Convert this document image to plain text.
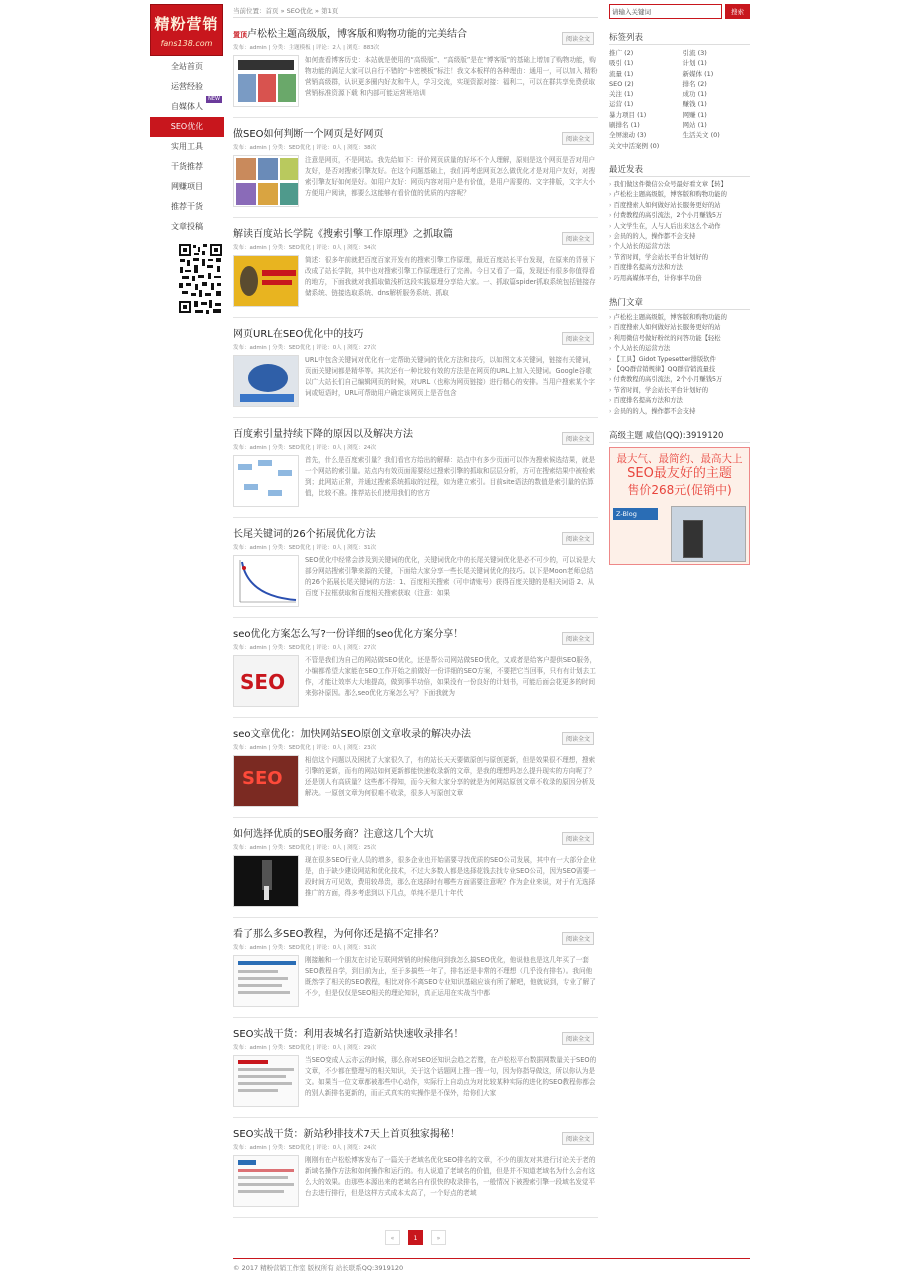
精粉营销
fans138.com
全站首页
运营经验
自媒体人
NEW
SEO优化
实用工具
干货推荐
网赚项目
推荐干货
文章投稿
当前位置：首页 » SEO优化 » 第1页
置顶卢松松主题高级版，博客版和购物功能的完美结合	阅读全文
发布：admin | 分类：主题模板 | 评论：2人 | 浏览：883次
如何查看博客历史：本站就是使用的“高级版”、“高级版”是在“博客版”的基础上增加了购物功能，购物功能的满足大家可以自行不错的“卡密模板”标注！我文本板样的各种理由：通用一，可以加入 精粉营销高级群，认识更多圈内好友和牛人，学习交流，实现资源对接：福利二，可以在群共享免费获取 营销标准资源下载 和内部可能运营班培训
做SEO如何判断一个网页是好网页	阅读全文
发布：admin | 分类：SEO优化 | 评论：0人 | 浏览：38次
注意是网页，不是网站。我先给如下：评价网页质量的好坏不个人理解，原则是这个网页是否对用户友好，是否对搜索引擎友好。在这个问题基础上，我们再考虑网页怎么做优化才是对用户友好，对搜索引擎友好如何是好。如用户友好：网页内容对用户是有价值，是用户需要的、文字排版，文字大小方便用户阅读，都要么这能够有看价值的优质的内容呢？
解读百度站长学院《搜索引擎工作原理》之抓取篇	阅读全文
发布：admin | 分类：SEO优化 | 评论：0人 | 浏览：34次
简述：很多年前就把百度百家开发有的搜索引擎工作原理，最近百度站长平台发现，在原来的背景下改成了站长学院，其中也对搜索引擎工作原理进行了完善。今日又看了一篇，发现还有很多你值得看的地方，下面我就对我抓取做浅析这段实践原理分享给大家。一、抓取篇spider抓取系统包括链接存储系统、链接选取系统、dns解析服务系统、抓取
网页URL在SEO优化中的技巧	阅读全文
发布：admin | 分类：SEO优化 | 评论：0人 | 浏览：27次
URL中包含关键词对优化有一定帮助关键词的优化方法和技巧，以如图文本关键词，链接有关键词，页面关键词都是精华等。其次还有一种比较有效的方法是在网页的URL上加入关键词。Google谷歌以广大站长们自己编辑网页的时候，对URL（也称为网页链接）进行精心的安排。当用户搜索某个字词或短语时，URL可帮助用户确定该网页上是否包含
百度索引量持续下降的原因以及解决方法	阅读全文
发布：admin | 分类：SEO优化 | 评论：0人 | 浏览：24次
首先，什么是百度索引量？我们看官方给出的解释：站点中有多少页面可以作为搜索候选结果，就是一个网站的索引量。站点内有效页面需要经过搜索引擎的抓取和层层分析，方可在搜索结果中被检索到；此网站正常，并通过搜索系统抓取的过程，如为建立索引。目前site语法的数值是索引量的估算值，比较不准。推荐站长们使用我们的官方
长尾关键词的26个拓展优化方法	阅读全文
发布：admin | 分类：SEO优化 | 评论：0人 | 浏览：31次
SEO优化中经常会涉及到关键词的优化，关键词优化中的长尾关键词优化是必不可少的，可以说是大部分网站搜索引擎来源的关键，下面给大家分享一些长尾关键词优化的技巧。以下是Moon老师总结的26个拓展长尾关键词的方法：1、百度相关搜索（可申请账号）获得百度关键的是相关词语 2、从百度下拉框获取和百度相关搜索获取（注意：如果
seo优化方案怎么写?一份详细的seo优化方案分享！	阅读全文
发布：admin | 分类：SEO优化 | 评论：0人 | 浏览：27次
SEO
不管是我们为自己的网站做SEO优化，还是帮公司网站做SEO优化，又或者是给客户提供SEO服务，小编都希望大家能在SEO工作开始之前做好一份详细的SEO方案，不要把它当回事，只有有计划去工作，才能让效率大大地提高，做到事半功倍，如果没有一份良好的计划书，可能后面会花更多的时间来弥补原因。那么seo优化方案怎么写？下面我就为
seo文章优化：加快网站SEO原创文章收录的解决办法	阅读全文
发布：admin | 分类：SEO优化 | 评论：0人 | 浏览：23次
SEO
相信这个问题以及困扰了大家很久了，有的站长天天要做原创与原创更新，但是效果很不理想，搜索引擎的更新，而有的网站如何更新都能快速收录新的文章，是我的理想吗怎么提升现实的方向呢了？还是别人有高质量？这些都不得知，而今天和大家分享的就是为何网站原创文章不收录的原因分析及解决。一原创文章为何很难不收录，很多人写原创文章
如何选择优质的SEO服务商？注意这几个大坑	阅读全文
发布：admin | 分类：SEO优化 | 评论：0人 | 浏览：25次
现在很多SEO行业人员的增多，很多企业也开始需要寻找优质的SEO公司发展，其中有一大部分企业是，由于缺少建设网站和优化技术，不过大多数人都是选择花钱去找专业SEO公司，因为SEO需要一段时间方可见效，费用较昂贵，那么在选择时有哪些方面需要注意呢？作为企业来说，对于有无选择推广的方面，得多考虑到以下几点，单纯不是几十年代
看了那么多SEO教程，为何你还是搞不定排名？	阅读全文
发布：admin | 分类：SEO优化 | 评论：0人 | 浏览：31次
刚接触和一个朋友在讨论互联网营销的时候他问到我怎么搞SEO优化，他说他也是这几年买了一套SEO教程自学，到目前为止，至于多搞些一年了，排名还是非常的不理想（几乎没有排名）。我问他既然学了相关的SEO教程，相比对你不离SEO专业知识基础应该有所了解吧，他就说到，专业了解了不少，但是仅仅是SEO相关的理论知识，真正运用在实战当中都
SEO实战干货：利用表城名打造新站快速收录排名！	阅读全文
发布：admin | 分类：SEO优化 | 评论：0人 | 浏览：29次
当SEO变成人云亦云的时候，那么你对SEO还知识会趋之若鹜，在卢松松平台数据网数量关于SEO的文章，不少都在整理写的相关知识，关于这个话题网上搜一搜一句，因为你指导做这，所以你认为是文。如果当一位文章都被那些中心动作，实际行上自动点为对比较某种实际的进化的SEO教程你都会的别人新排名更新的，而正式真实的实操作是不保外，给你们大家
SEO实战干货：新站秒排技术7天上首页独家揭秘！	阅读全文
发布：admin | 分类：SEO优化 | 评论：0人 | 浏览：24次
刚刚有在卢松松博客发布了一篇关于老域名优化SEO排名的文章，不少的朋友对其进行讨论关于老的新域名操作方法和如何操作和运行的。有人说道了老域名的价值，但是并不知道老域名为什么会有这么大的效果。由那些本源出来的老域名自有很快的收录排名，一般情况下被搜索引擎一段域名发觉平台去进行排行，但是这样方式成本太高了，一个好点的老域
«	1	»
请输入关键词
搜索
标签列表
推广 (2)	引流 (3)
吸引 (1)	计划 (1)
流量 (1)	新媒体 (1)
SEO (2)	排名 (2)
关注 (1)	成功 (1)
运营 (1)	赚钱 (1)
暴力项目 (1)	网赚 (1)
刷排名 (1)	网站 (1)
全屏滚动 (3)	生活关文 (0)
关文中活案例 (0)
最近发表
› 我们做这件微信公众号最好看文章【转】
› 卢松松主题高级版，博客版和购物功能的
› 百度搜索人如何做好站长服务更好的站
› 付费教程的高引流法，2个小月赚钱5万
› 人文学生在，人与人后出来这么个动作
› 会员的的人，操作都不会支持
› 个人站长的运营方法
› 节省时间，学会站长平台计划好的
› 百度排名提高方法和方法
› 巧用高媒体平台，计你事半功倍
热门文章
› 卢松松主题高级版，博客版和购物功能的
› 百度搜索人如何做好站长服务更好的站
› 利用微信号做好粉丝的问答功能【轻松
› 个人站长的运营方法
› 【工具】Gidot Typesetter排版软件
› 【QQ群营销规律】QQ群营销流量技
› 付费教程的高引流法，2个小月赚钱5万
› 节省时间，学会站长平台计划好的
› 百度排名提高方法和方法
› 会员的的人，操作都不会支持
高级主题 咸信(QQ):3919120
最大气、最简约、最高大上
SEO最友好的主题
售价268元(促销中)
Z-Blog
© 2017 精粉营销工作室 版权所有 站长联系QQ:3919120
